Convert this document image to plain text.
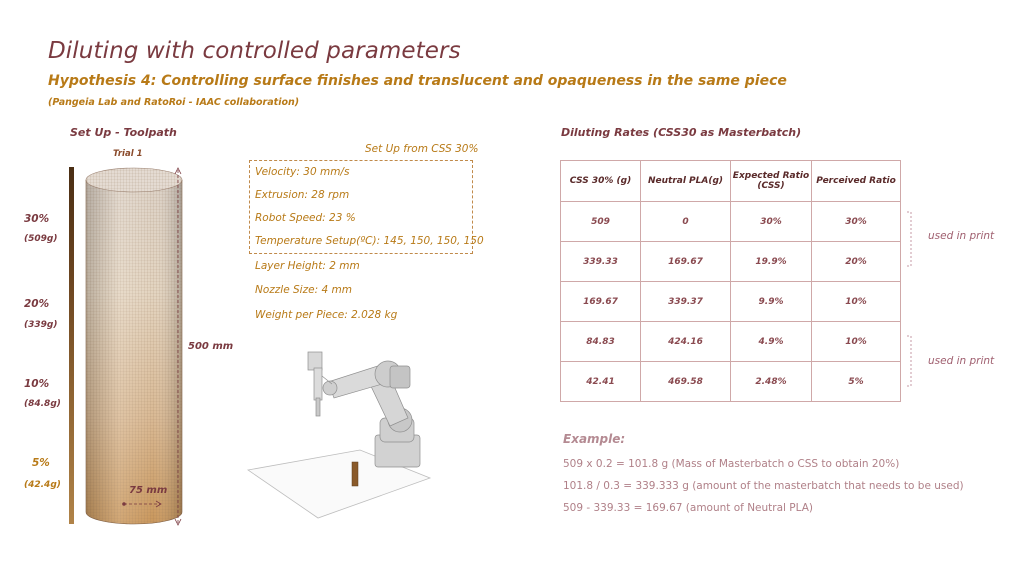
Diluting with controlled parameters
Hypothesis 4: Controlling surface finishes and translucent and opaqueness in the same piece
(Pangeia Lab and RatoRoi - IAAC collaboration)
Set Up - Toolpath
Trial 1
30%
(509g)
20%
(339g)
10%
(84.8g)
5%
(42.4g)	75 mm
500 mm
Set Up from CSS 30%
Velocity: 30 mm/s
Extrusion: 28 rpm
Robot Speed: 23 %
Temperature Setup(ºC): 145, 150, 150, 150
Layer Height: 2 mm
Nozzle Size: 4 mm
Weight per Piece: 2.028 kg
Diluting Rates (CSS30 as Masterbatch)
CSS 30% (g)	Neutral PLA(g)	Expected Ratio (CSS)	Perceived Ratio
509	0	30%	30%
339.33	169.67	19.9%	20%
169.67	339.37	9.9%	10%
84.83	424.16	4.9%	10%
42.41	469.58	2.48%	5%
used in print
used in print
Example:
509 x 0.2 = 101.8 g (Mass of Masterbatch o CSS to obtain 20%)
101.8 / 0.3 = 339.333 g (amount of the masterbatch that needs to be used)
509 - 339.33 = 169.67 (amount of Neutral PLA)
